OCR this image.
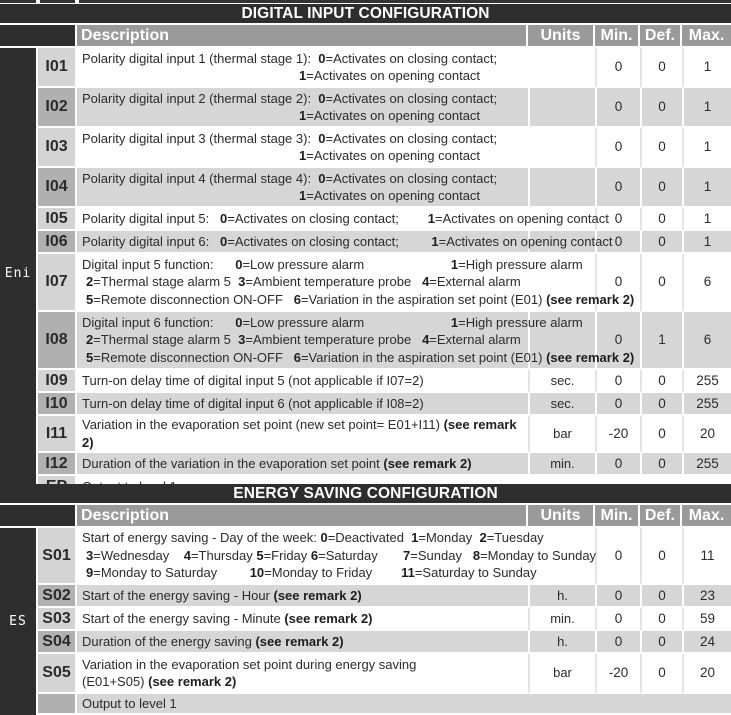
DIGITAL INPUT CONFIGURATION						
		Description	Units	Min.	Def.	Max.
Eni	I01	Polarity digital input 1 (thermal stage 1):  0=Activates on closing contact;
1=Activates on opening contact		0	0	1
	I02	Polarity digital input 2 (thermal stage 2):  0=Activates on closing contact;
1=Activates on opening contact		0	0	1
	I03	Polarity digital input 3 (thermal stage 3):  0=Activates on closing contact;
1=Activates on opening contact		0	0	1
	I04	Polarity digital input 4 (thermal stage 4):  0=Activates on closing contact;
1=Activates on opening contact		0	0	1
	I05	Polarity digital input 5: 0=Activates on closing contact; 1=Activates on opening contact		0	0	1
	I06	Polarity digital input 6: 0=Activates on closing contact; 1=Activates on opening contact		0	0	1
	I07	Digital input 5 function: 0=Low pressure alarm 1=High pressure alarm
2=Thermal stage alarm 5 3=Ambient temperature probe 4=External alarm
5=Remote disconnection ON-OFF 6=Variation in the aspiration set point (E01) (see remark 2)		0	0	6
	I08	Digital input 6 function: 0=Low pressure alarm 1=High pressure alarm
2=Thermal stage alarm 5 3=Ambient temperature probe 4=External alarm
5=Remote disconnection ON-OFF 6=Variation in the aspiration set point (E01) (see remark 2)		0	1	6
	I09	Turn-on delay time of digital input 5 (not applicable if I07=2)	sec.	0	0	255
	I10	Turn-on delay time of digital input 6 (not applicable if I08=2)	sec.	0	0	255
	I11	Variation in the evaporation set point (new set point= E01+I11) (see remark 2)	bar	-20	0	20
	I12	Duration of the variation in the evaporation set point (see remark 2)	min.	0	0	255

ENERGY SAVING CONFIGURATION						
		Description	Units	Min.	Def.	Max.
ES	S01	Start of energy saving - Day of the week: 0=Deactivated  1=Monday  2=Tuesday
3=Wednesday    4=Thursday 5=Friday 6=Saturday       7=Sunday   8=Monday to Sunday
9=Monday to Saturday         10=Monday to Friday        11=Saturday to Sunday		0	0	11
	S02	Start of the energy saving - Hour (see remark 2)	h.	0	0	23
	S03	Start of the energy saving - Minute (see remark 2)	min.	0	0	59
	S04	Duration of the energy saving (see remark 2)	h.	0	0	24
	S05	Variation in the evaporation set point during energy saving
(E01+S05) (see remark 2)	bar	-20	0	20
		Output to level 1				
